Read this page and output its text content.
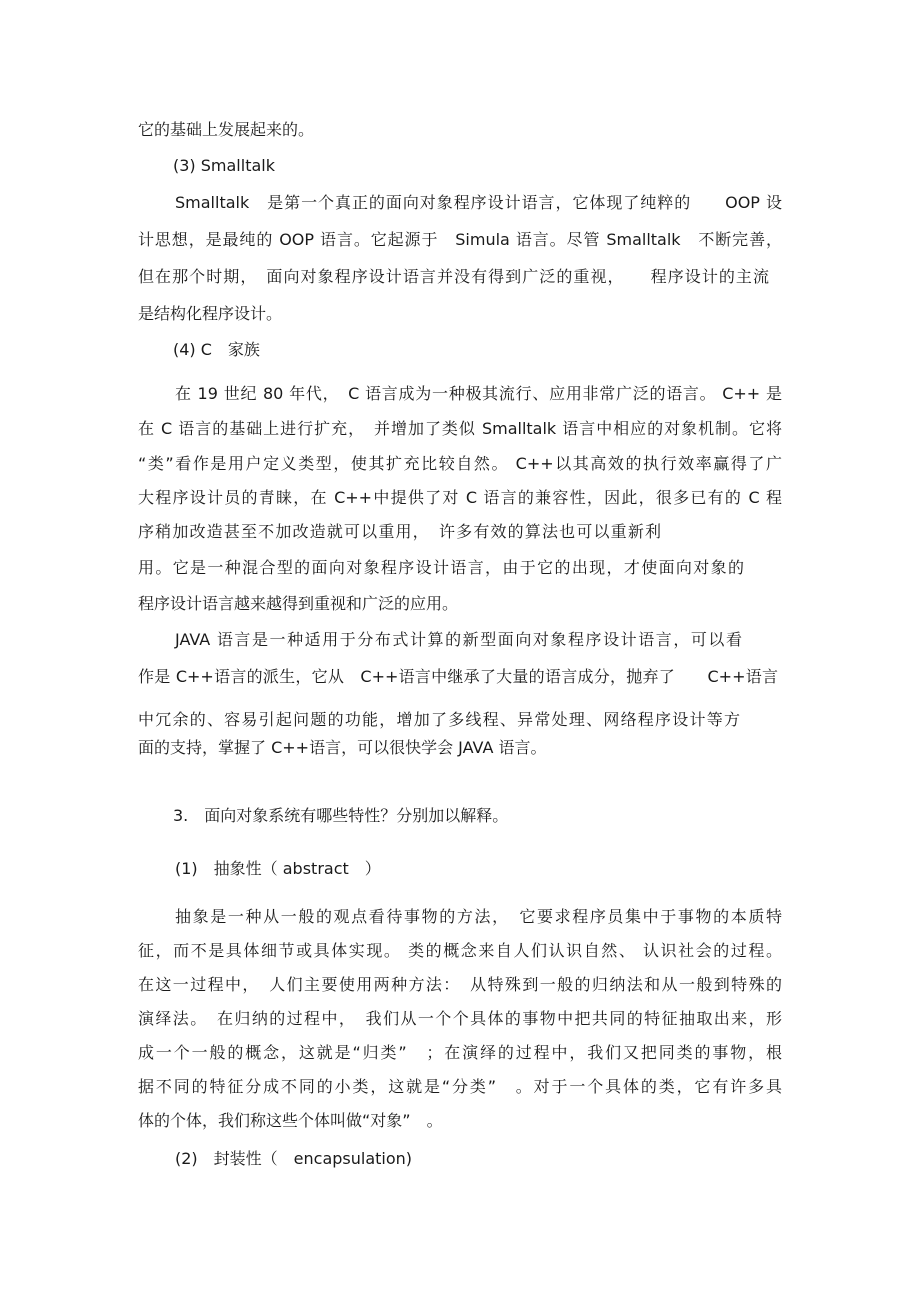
它的基础上发展起来的。
(3) Smalltalk
Smalltalk　是第一个真正的面向对象程序设计语言，它体现了纯粹的　　OOP 设
计思想，是最纯的 OOP 语言。它起源于　Simula 语言。尽管 Smalltalk　不断完善，
但在那个时期，　面向对象程序设计语言并没有得到广泛的重视，　　程序设计的主流
是结构化程序设计。
(4) C　家族
在 19 世纪 80 年代，　C 语言成为一种极其流行、应用非常广泛的语言。 C++ 是
在 C 语言的基础上进行扩充，　并增加了类似 Smalltalk 语言中相应的对象机制。它将
“类”看作是用户定义类型，使其扩充比较自然。 C++以其高效的执行效率赢得了广
大程序设计员的青睐，在 C++中提供了对 C 语言的兼容性，因此，很多已有的 C 程
序稍加改造甚至不加改造就可以重用，　许多有效的算法也可以重新利
用。它是一种混合型的面向对象程序设计语言，由于它的出现，才使面向对象的
程序设计语言越来越得到重视和广泛的应用。
JAVA 语言是一种适用于分布式计算的新型面向对象程序设计语言，可以看
作是 C++语言的派生，它从　C++语言中继承了大量的语言成分，抛弃了　　C++语言
中冗余的、容易引起问题的功能，增加了多线程、异常处理、网络程序设计等方
面的支持，掌握了 C++语言，可以很快学会 JAVA 语言。
3.　面向对象系统有哪些特性？分别加以解释。
(1)　抽象性（ abstract　）
抽象是一种从一般的观点看待事物的方法，　它要求程序员集中于事物的本质特
征，而不是具体细节或具体实现。 类的概念来自人们认识自然、 认识社会的过程。
在这一过程中，　人们主要使用两种方法：　从特殊到一般的归纳法和从一般到特殊的
演绎法。　在归纳的过程中，　我们从一个个具体的事物中把共同的特征抽取出来，形
成一个一般的概念，这就是“归类”　；在演绎的过程中，我们又把同类的事物，根
据不同的特征分成不同的小类，这就是“分类”　。对于一个具体的类，它有许多具
体的个体，我们称这些个体叫做“对象”　。
(2)　封装性（　encapsulation)
